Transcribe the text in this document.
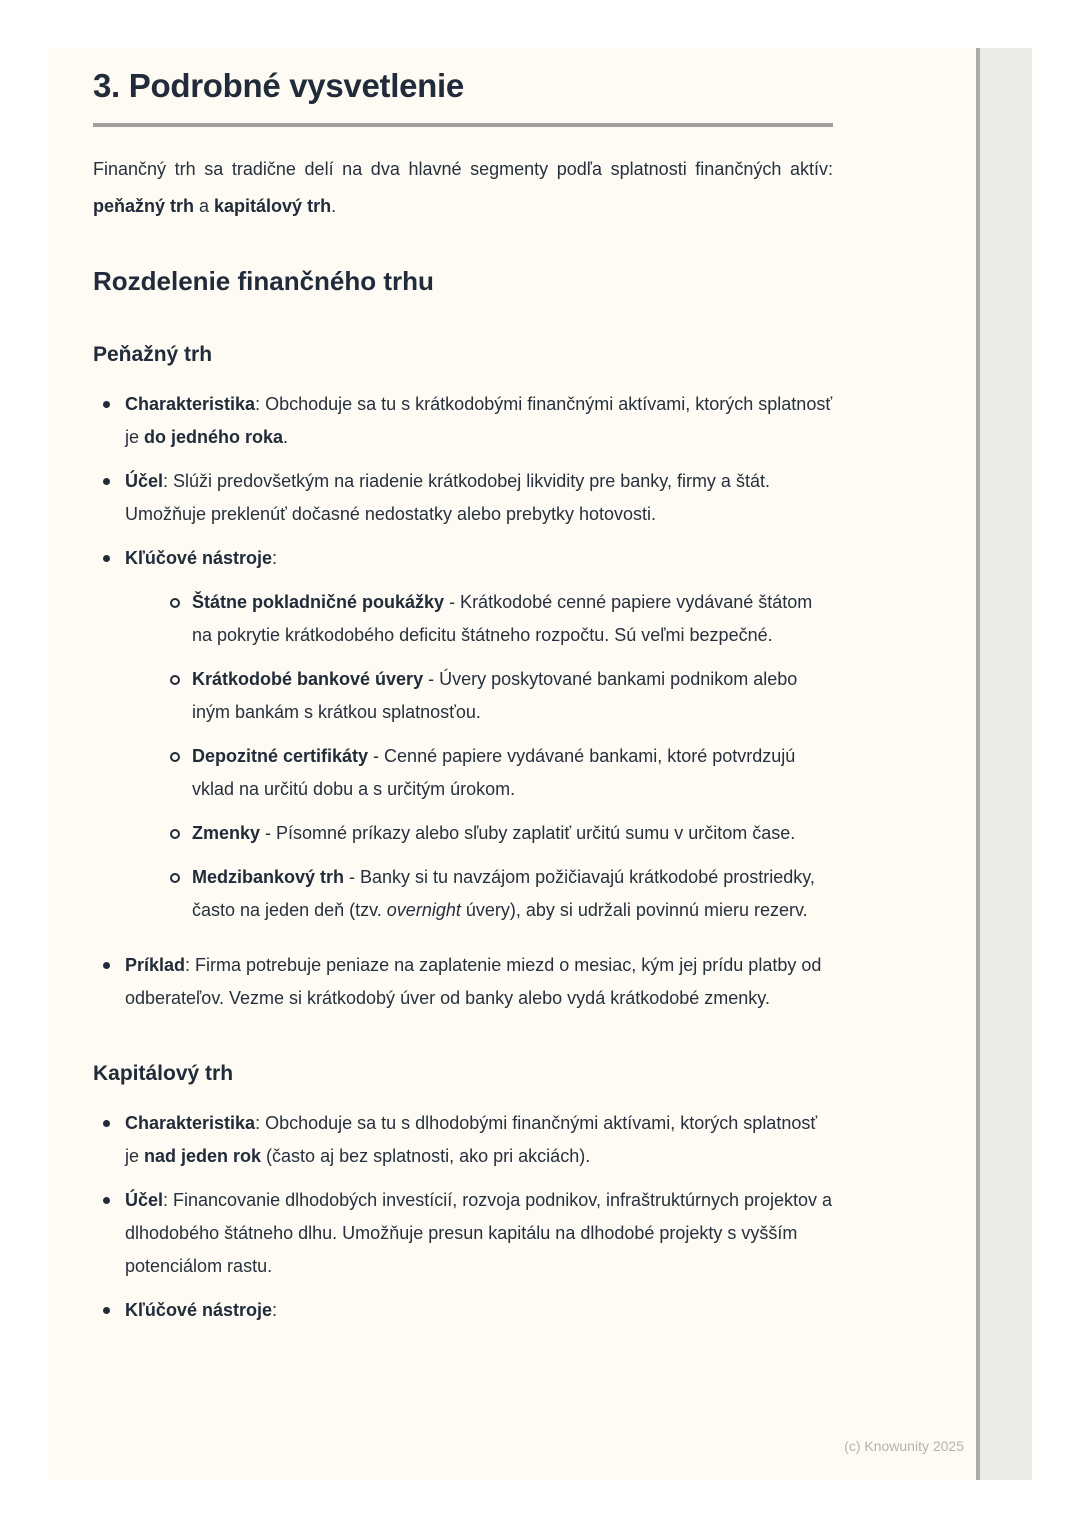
3. Podrobné vysvetlenie

Finančný trh sa tradične delí na dva hlavné segmenty podľa splatnosti finančných aktív: peňažný trh a kapitálový trh.

Rozdelenie finančného trhu
Peňažný trh
Charakteristika: Obchoduje sa tu s krátkodobými finančnými aktívami, ktorých splatnosť je do jedného roka.
Účel: Slúži predovšetkým na riadenie krátkodobej likvidity pre banky, firmy a štát. Umožňuje preklenúť dočasné nedostatky alebo prebytky hotovosti.
Kľúčové nástroje:
Štátne pokladničné poukážky - Krátkodobé cenné papiere vydávané štátom na pokrytie krátkodobého deficitu štátneho rozpočtu. Sú veľmi bezpečné.
Krátkodobé bankové úvery - Úvery poskytované bankami podnikom alebo iným bankám s krátkou splatnosťou.
Depozitné certifikáty - Cenné papiere vydávané bankami, ktoré potvrdzujú vklad na určitú dobu a s určitým úrokom.
Zmenky - Písomné príkazy alebo sľuby zaplatiť určitú sumu v určitom čase.
Medzibankový trh - Banky si tu navzájom požičiavajú krátkodobé prostriedky, často na jeden deň (tzv. overnight úvery), aby si udržali povinnú mieru rezerv.
Príklad: Firma potrebuje peniaze na zaplatenie miezd o mesiac, kým jej prídu platby od odberateľov. Vezme si krátkodobý úver od banky alebo vydá krátkodobé zmenky.
Kapitálový trh
Charakteristika: Obchoduje sa tu s dlhodobými finančnými aktívami, ktorých splatnosť je nad jeden rok (často aj bez splatnosti, ako pri akciách).
Účel: Financovanie dlhodobých investícií, rozvoja podnikov, infraštruktúrnych projektov a dlhodobého štátneho dlhu. Umožňuje presun kapitálu na dlhodobé projekty s vyšším potenciálom rastu.
Kľúčové nástroje:
(c) Knowunity 2025
